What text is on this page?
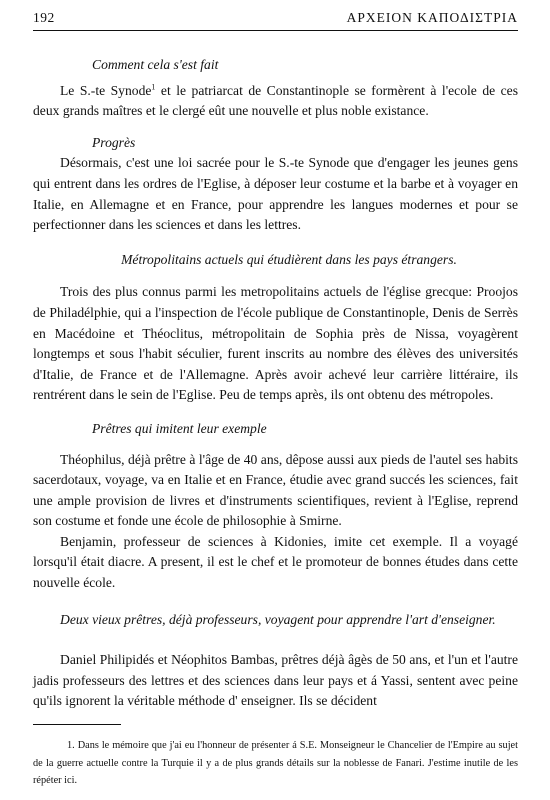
192	ΑΡΧΕΙΟΝ ΚΑΠΟΔΙΣΤΡΙΑ

Comment cela s'est fait

Le S.-te Synode$^1$ et le patriarcat de Constantinople se formèrent à l'ecole de ces deux grands maîtres et le clergé eût une nouvelle et plus noble existance.

Progrès

Désormais, c'est une loi sacrée pour le S.-te Synode que d'engager les jeunes gens qui entrent dans les ordres de l'Eglise, à déposer leur costume et la barbe et à voyager en Italie, en Allemagne et en France, pour apprendre les langues modernes et pour se perfectionner dans les sciences et dans les lettres.

Métropolitains actuels qui étudièrent dans les pays étrangers.

Trois des plus connus parmi les metropolitains actuels de l'église grecque: Proojos de Philadélphie, qui a l'inspection de l'école publique de Constantinople, Denis de Serrès en Macédoine et Théoclitus, métropolitain de Sophia près de Nissa, voyagèrent longtemps et sous l'habit séculier, furent inscrits au nombre des élèves des universités d'Italie, de France et de l'Allemagne. Après avoir achevé leur carrière littéraire, ils rentrérent dans le sein de l'Eglise. Peu de temps après, ils ont obtenu des métropoles.

Prêtres qui imitent leur exemple

Théophilus, déjà prêtre à l'âge de 40 ans, dêpose aussi aux pieds de l'autel ses habits sacerdotaux, voyage, va en Italie et en France, étudie avec grand succés les sciences, fait une ample provision de livres et d'instruments scientifiques, revient à l'Eglise, reprend son costume et fonde une école de philosophie à Smirne.

Benjamin, professeur de sciences à Kidonies, imite cet exemple. Il a voyagé lorsqu'il était diacre. A present, il est le chef et le promoteur de bonnes études dans cette nouvelle école.

Deux vieux prêtres, déjà professeurs, voyagent pour apprendre l'art d'enseigner.

Daniel Philipidés et Néophitos Bambas, prêtres déjà âgès de 50 ans, et l'un et l'autre jadis professeurs des lettres et des sciences dans leur pays et á Yassi, sentent avec peine qu'ils ignorent la véritable méthode d' enseigner. Ils se décident

1. Dans le mémoire que j'ai eu l'honneur de présenter á S.E. Monseigneur le Chancelier de l'Empire au sujet de la guerre actuelle contre la Turquie il y a de plus grands détails sur la noblesse de Fanari. J'estime inutile de les répéter ici.
